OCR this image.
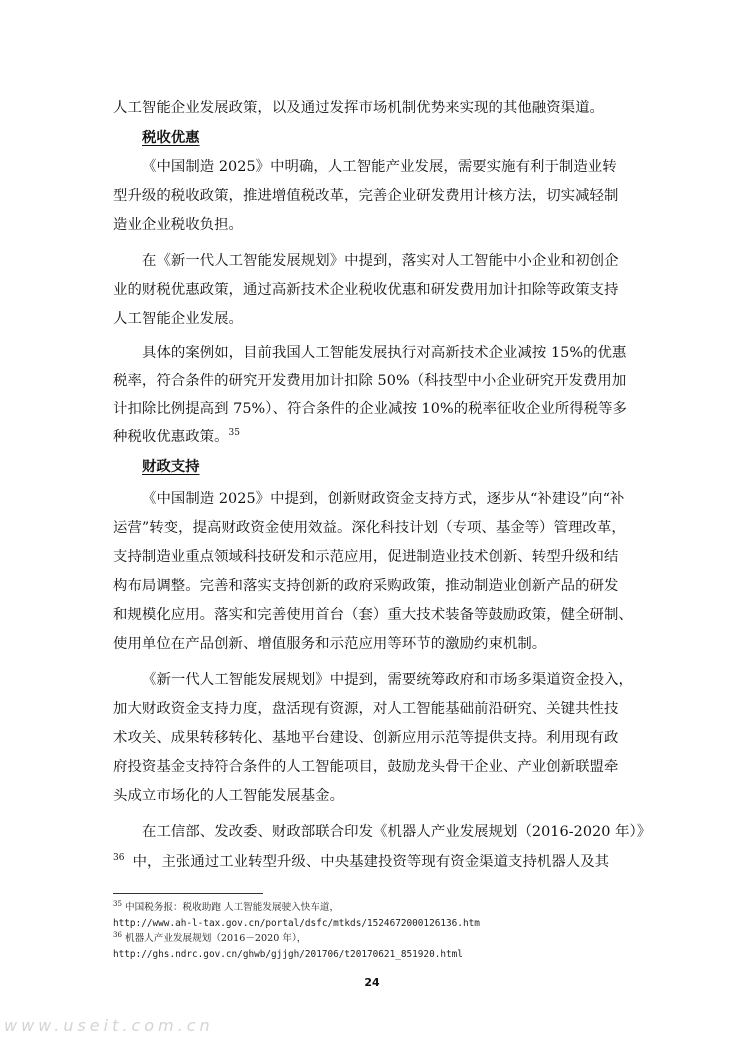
人工智能企业发展政策，以及通过发挥市场机制优势来实现的其他融资渠道。
税收优惠
《中国制造 2025》中明确，人工智能产业发展，需要实施有利于制造业转
型升级的税收政策，推进增值税改革，完善企业研发费用计核方法，切实减轻制
造业企业税收负担。
在《新一代人工智能发展规划》中提到，落实对人工智能中小企业和初创企
业的财税优惠政策，通过高新技术企业税收优惠和研发费用加计扣除等政策支持
人工智能企业发展。
具体的案例如，目前我国人工智能发展执行对高新技术企业减按 15%的优惠
税率，符合条件的研究开发费用加计扣除 50%（科技型中小企业研究开发费用加
计扣除比例提高到 75%）、符合条件的企业减按 10%的税率征收企业所得税等多
种税收优惠政策。$^{35}$
财政支持
《中国制造 2025》中提到，创新财政资金支持方式，逐步从“补建设”向“补
运营”转变，提高财政资金使用效益。深化科技计划（专项、基金等）管理改革，
支持制造业重点领域科技研发和示范应用，促进制造业技术创新、转型升级和结
构布局调整。完善和落实支持创新的政府采购政策，推动制造业创新产品的研发
和规模化应用。落实和完善使用首台（套）重大技术装备等鼓励政策，健全研制、
使用单位在产品创新、增值服务和示范应用等环节的激励约束机制。
《新一代人工智能发展规划》中提到，需要统筹政府和市场多渠道资金投入，
加大财政资金支持力度，盘活现有资源，对人工智能基础前沿研究、关键共性技
术攻关、成果转移转化、基地平台建设、创新应用示范等提供支持。利用现有政
府投资基金支持符合条件的人工智能项目，鼓励龙头骨干企业、产业创新联盟牵
头成立市场化的人工智能发展基金。
在工信部、发改委、财政部联合印发《机器人产业发展规划（2016-2020 年）》
$^{36}$ 中，主张通过工业转型升级、中央基建投资等现有资金渠道支持机器人及其
$^{35}$ 中国税务报：税收助跑 人工智能发展驶入快车道，
http://www.ah-l-tax.gov.cn/portal/dsfc/mtkds/1524672000126136.htm
$^{36}$ 机器人产业发展规划（2016－2020 年），
http://ghs.ndrc.gov.cn/ghwb/gjjgh/201706/t20170621_851920.html
24
www.useit.com.cn
